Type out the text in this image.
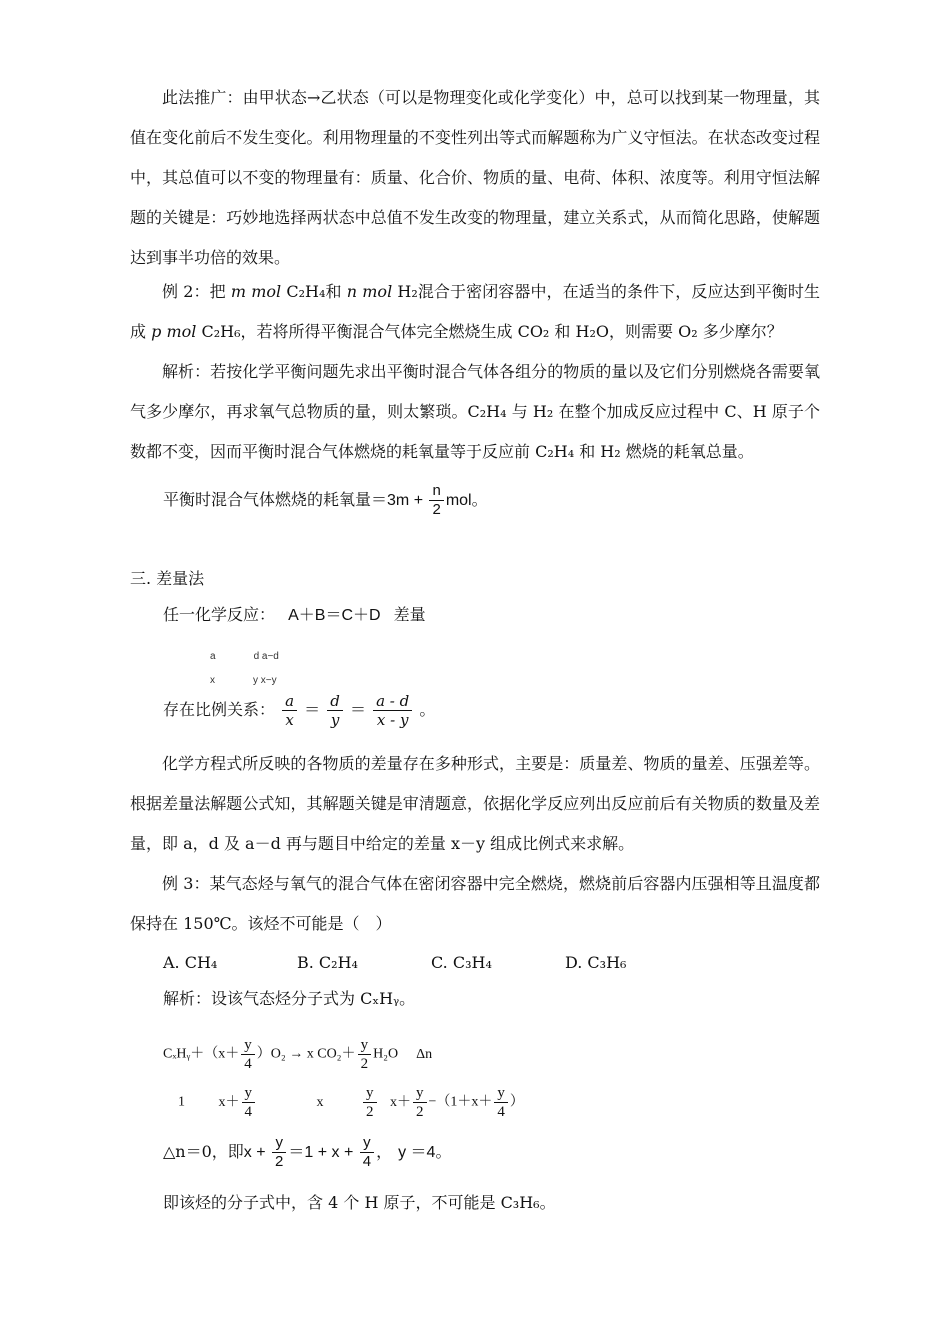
此法推广：由甲状态→乙状态（可以是物理变化或化学变化）中，总可以找到某一物理量，其值在变化前后不发生变化。利用物理量的不变性列出等式而解题称为广义守恒法。在状态改变过程中，其总值可以不变的物理量有：质量、化合价、物质的量、电荷、体积、浓度等。利用守恒法解题的关键是：巧妙地选择两状态中总值不发生改变的物理量，建立关系式，从而简化思路，使解题达到事半功倍的效果。
例 2：把 m mol C₂H₄和 n mol H₂混合于密闭容器中，在适当的条件下，反应达到平衡时生成 p mol C₂H₆，若将所得平衡混合气体完全燃烧生成 CO₂ 和 H₂O，则需要 O₂ 多少摩尔？
解析：若按化学平衡问题先求出平衡时混合气体各组分的物质的量以及它们分别燃烧各需要氧气多少摩尔，再求氧气总物质的量，则太繁琐。C₂H₄ 与 H₂ 在整个加成反应过程中 C、H 原子个数都不变，因而平衡时混合气体燃烧的耗氧量等于反应前 C₂H₄ 和 H₂ 燃烧的耗氧总量。
平衡时混合气体燃烧的耗氧量$=3m + \frac{n}{2}$ mol。
三. 差量法
任一化学反应： A＋B＝C＋D 差量
a	d a−d
x	y x−y
存在比例关系： $\frac{a}{x} = \frac{d}{y} = \frac{a - d}{x - y}$ 。
化学方程式所反映的各物质的差量存在多种形式，主要是：质量差、物质的量差、压强差等。根据差量法解题公式知，其解题关键是审清题意，依据化学反应列出反应前后有关物质的数量及差量，即 a，d 及 a－d 再与题目中给定的差量 x－y 组成比例式来求解。
例 3：某气态烃与氧气的混合气体在密闭容器中完全燃烧，燃烧前后容器内压强相等且温度都保持在 150℃。该烃不可能是（　）
A. CH₄	B. C₂H₄	C. C₃H₄	D. C₃H₆
解析：设该气态烃分子式为 CₓHᵧ。
CₓHᵧ＋（x＋ $\frac{y}{4} )O_2 \to x$ $CO_2+ \frac{y}{2} H_2O$ Δn
1 $x+ \frac{y}{4}$	x	$\frac{y}{2} x+ \frac{y}{2} -(1+x+ \frac{y}{4}$ ）
△n＝0，即$x + \frac{y}{2} =1 + x + \frac{y}{4}$ ， y ＝4。
即该烃的分子式中，含 4 个 H 原子，不可能是 C₃H₆。
